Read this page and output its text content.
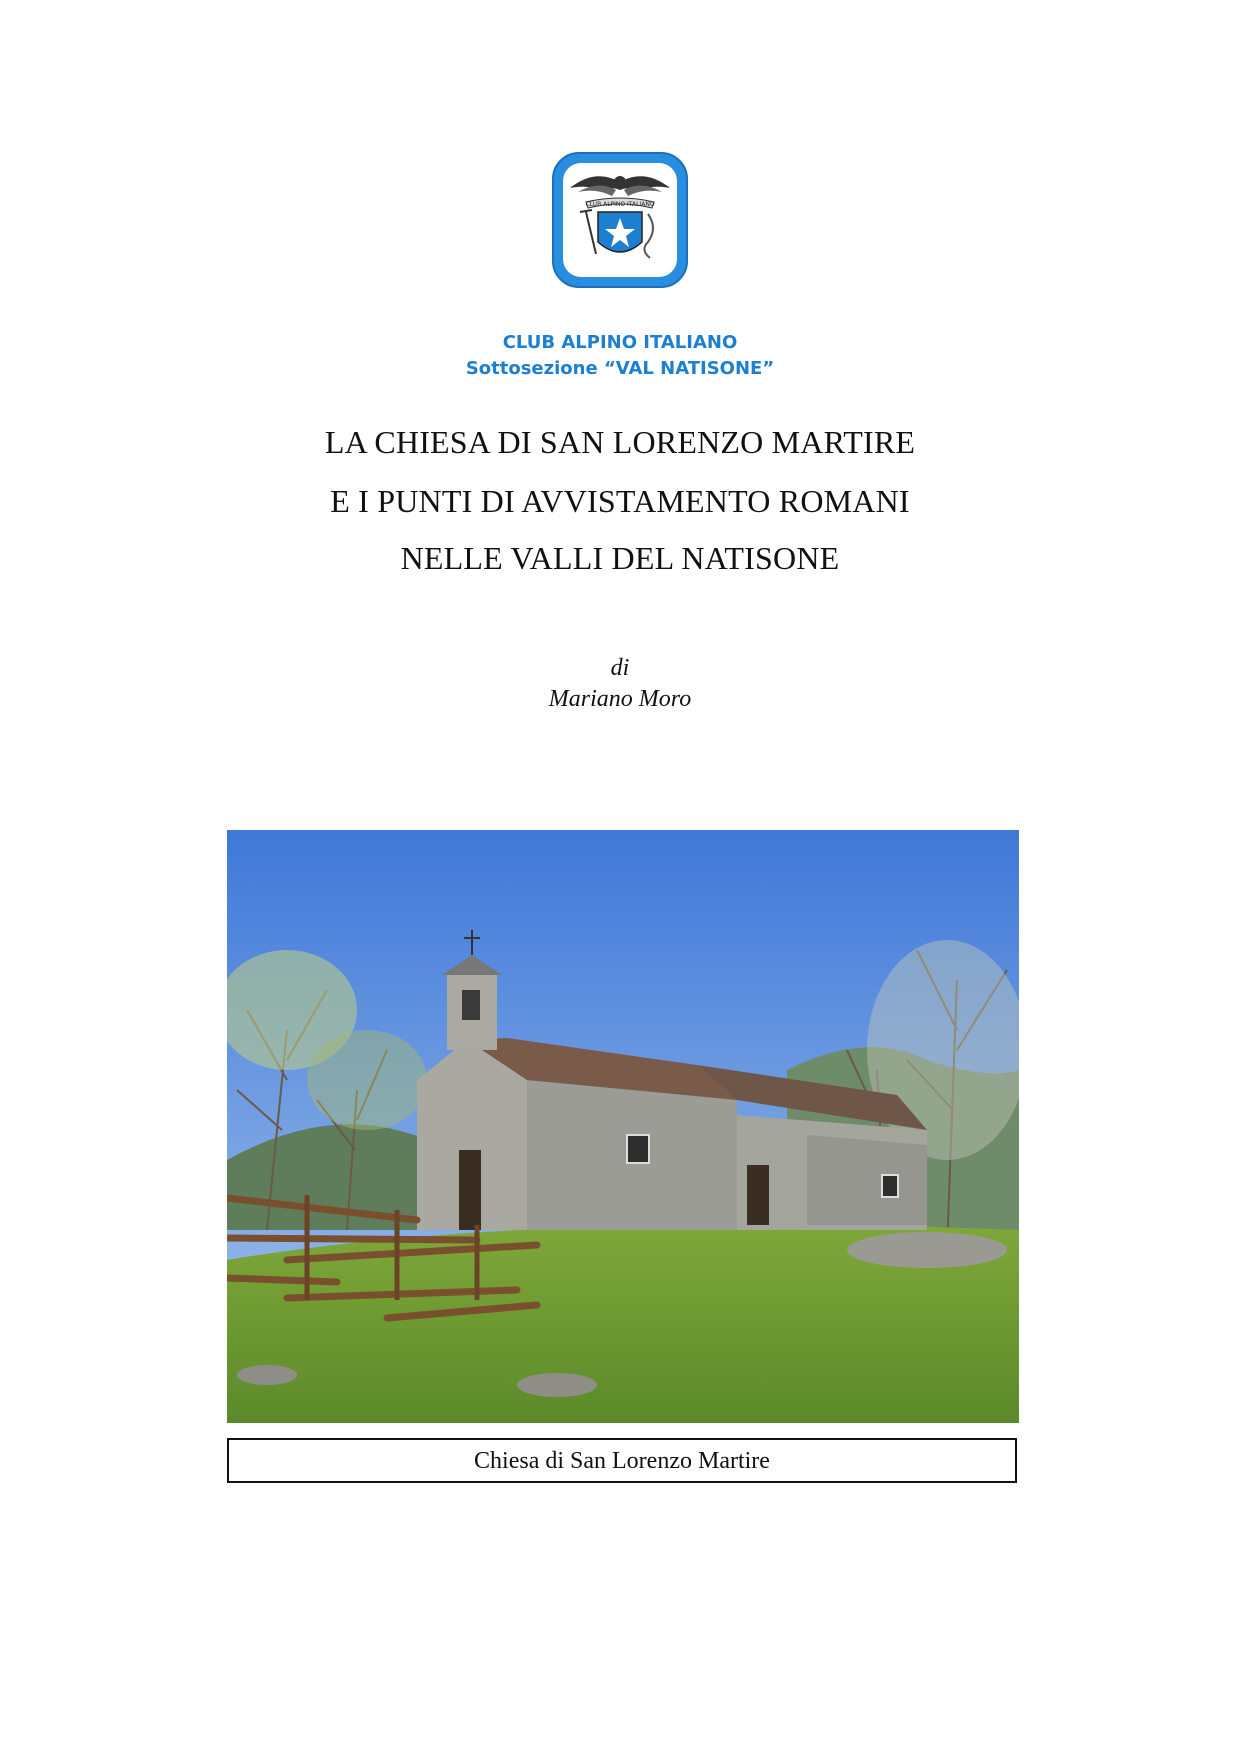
CLUB ALPINO ITALIANO
CLUB ALPINO ITALIANO
Sottosezione “VAL NATISONE”
LA CHIESA DI SAN LORENZO MARTIRE
E I PUNTI DI AVVISTAMENTO ROMANI
NELLE VALLI DEL NATISONE
di
Mariano Moro
Chiesa di San Lorenzo Martire
